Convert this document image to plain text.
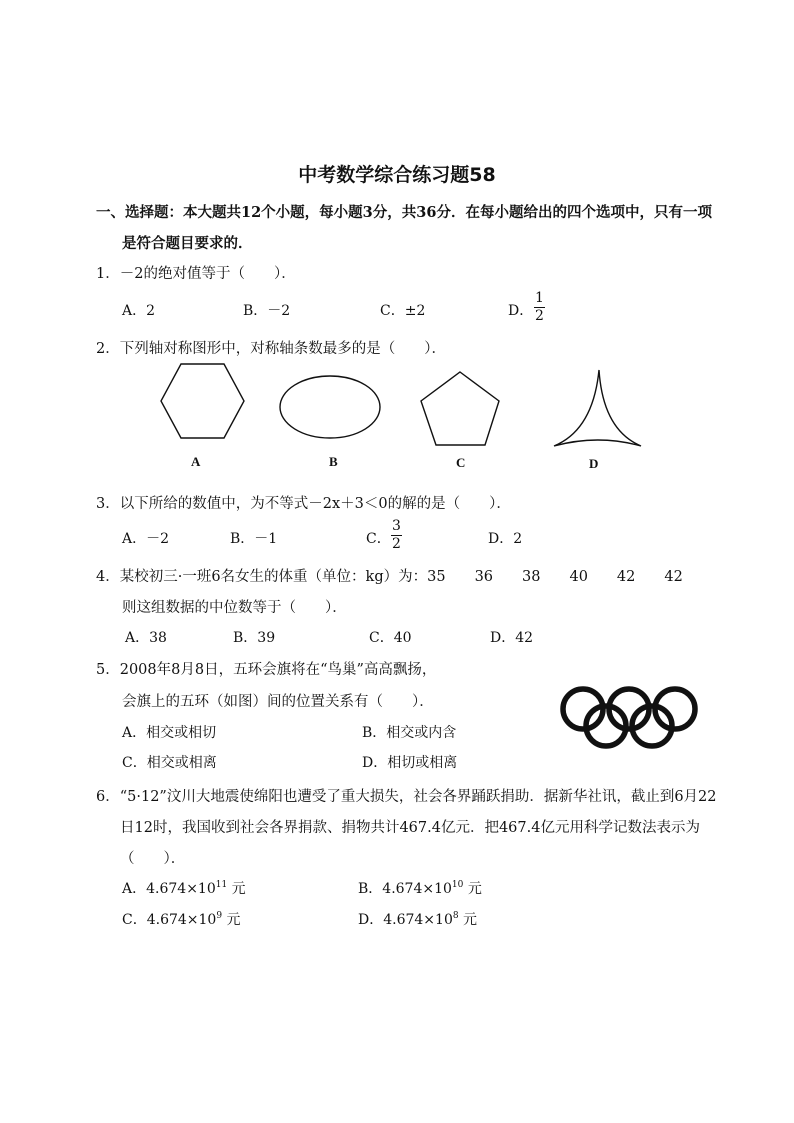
中考数学综合练习题58
一、选择题：本大题共12个小题，每小题3分，共36分．在每小题给出的四个选项中，只有一项
是符合题目要求的．
1．－2的绝对值等于（　　）．
A．2	B．－2	C．±2	D．
1
2
2．下列轴对称图形中，对称轴条数最多的是（　　）．
A	B	C	D
3．以下所给的数值中，为不等式－2x＋3＜0的解的是（　　）．
A．－2	B．－1	C．
3
2	D．2
4．某校初三·一班6名女生的体重（单位：kg）为：35　　36　　38　　40　　42　　42
则这组数据的中位数等于（　　）．
A．38	B．39	C．40	D．42
5．2008年8月8日，五环会旗将在“鸟巢”高高飘扬，
会旗上的五环（如图）间的位置关系有（　　）．
A．相交或相切	B．相交或内含
C．相交或相离	D．相切或相离
6．“5·12”汶川大地震使绵阳也遭受了重大损失，社会各界踊跃捐助．据新华社讯，截止到6月22
日12时，我国收到社会各界捐款、捐物共计467.4亿元．把467.4亿元用科学记数法表示为
（　　）．
A．$4.674\times 10^{11}$ 元	B．$4.674\times 10^{10}$ 元
C．$4.674\times 10^9$ 元	D．$4.674\times 10^8$ 元
